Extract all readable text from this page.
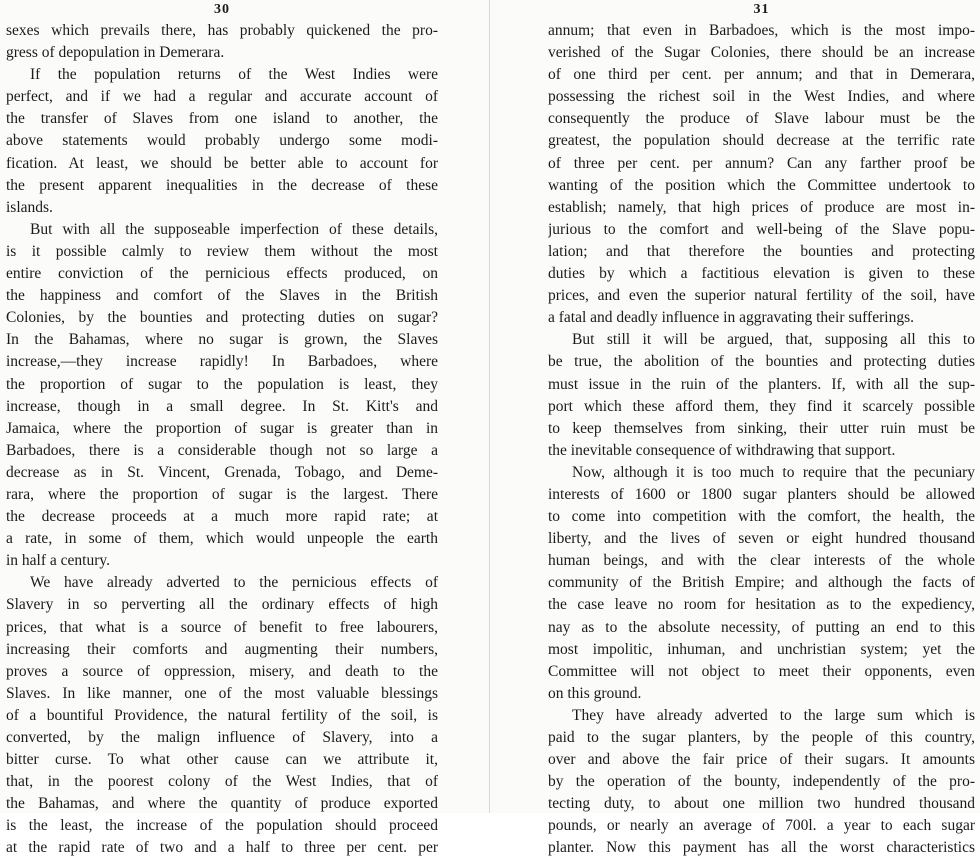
30
sexes which prevails there, has probably quickened the pro-
gress of depopulation in Demerara.
If the population returns of the West Indies were
perfect, and if we had a regular and accurate account of
the transfer of Slaves from one island to another, the
above statements would probably undergo some modi-
fication. At least, we should be better able to account for
the present apparent inequalities in the decrease of these
islands.
But with all the supposeable imperfection of these details,
is it possible calmly to review them without the most
entire conviction of the pernicious effects produced, on
the happiness and comfort of the Slaves in the British
Colonies, by the bounties and protecting duties on sugar?
In the Bahamas, where no sugar is grown, the Slaves
increase,—they increase rapidly! In Barbadoes, where
the proportion of sugar to the population is least, they
increase, though in a small degree. In St. Kitt's and
Jamaica, where the proportion of sugar is greater than in
Barbadoes, there is a considerable though not so large a
decrease as in St. Vincent, Grenada, Tobago, and Deme-
rara, where the proportion of sugar is the largest. There
the decrease proceeds at a much more rapid rate; at
a rate, in some of them, which would unpeople the earth
in half a century.
We have already adverted to the pernicious effects of
Slavery in so perverting all the ordinary effects of high
prices, that what is a source of benefit to free labourers,
increasing their comforts and augmenting their numbers,
proves a source of oppression, misery, and death to the
Slaves. In like manner, one of the most valuable blessings
of a bountiful Providence, the natural fertility of the soil, is
converted, by the malign influence of Slavery, into a
bitter curse. To what other cause can we attribute it,
that, in the poorest colony of the West Indies, that of
the Bahamas, and where the quantity of produce exported
is the least, the increase of the population should proceed
at the rapid rate of two and a half to three per cent. per
31
annum; that even in Barbadoes, which is the most impo-
verished of the Sugar Colonies, there should be an increase
of one third per cent. per annum; and that in Demerara,
possessing the richest soil in the West Indies, and where
consequently the produce of Slave labour must be the
greatest, the population should decrease at the terrific rate
of three per cent. per annum? Can any farther proof be
wanting of the position which the Committee undertook to
establish; namely, that high prices of produce are most in-
jurious to the comfort and well-being of the Slave popu-
lation; and that therefore the bounties and protecting
duties by which a factitious elevation is given to these
prices, and even the superior natural fertility of the soil, have
a fatal and deadly influence in aggravating their sufferings.
But still it will be argued, that, supposing all this to
be true, the abolition of the bounties and protecting duties
must issue in the ruin of the planters. If, with all the sup-
port which these afford them, they find it scarcely possible
to keep themselves from sinking, their utter ruin must be
the inevitable consequence of withdrawing that support.
Now, although it is too much to require that the pecuniary
interests of 1600 or 1800 sugar planters should be allowed
to come into competition with the comfort, the health, the
liberty, and the lives of seven or eight hundred thousand
human beings, and with the clear interests of the whole
community of the British Empire; and although the facts of
the case leave no room for hesitation as to the expediency,
nay as to the absolute necessity, of putting an end to this
most impolitic, inhuman, and unchristian system; yet the
Committee will not object to meet their opponents, even
on this ground.
They have already adverted to the large sum which is
paid to the sugar planters, by the people of this country,
over and above the fair price of their sugars. It amounts
by the operation of the bounty, independently of the pro-
tecting duty, to about one million two hundred thousand
pounds, or nearly an average of 700l. a year to each sugar
planter. Now this payment has all the worst characteristics
